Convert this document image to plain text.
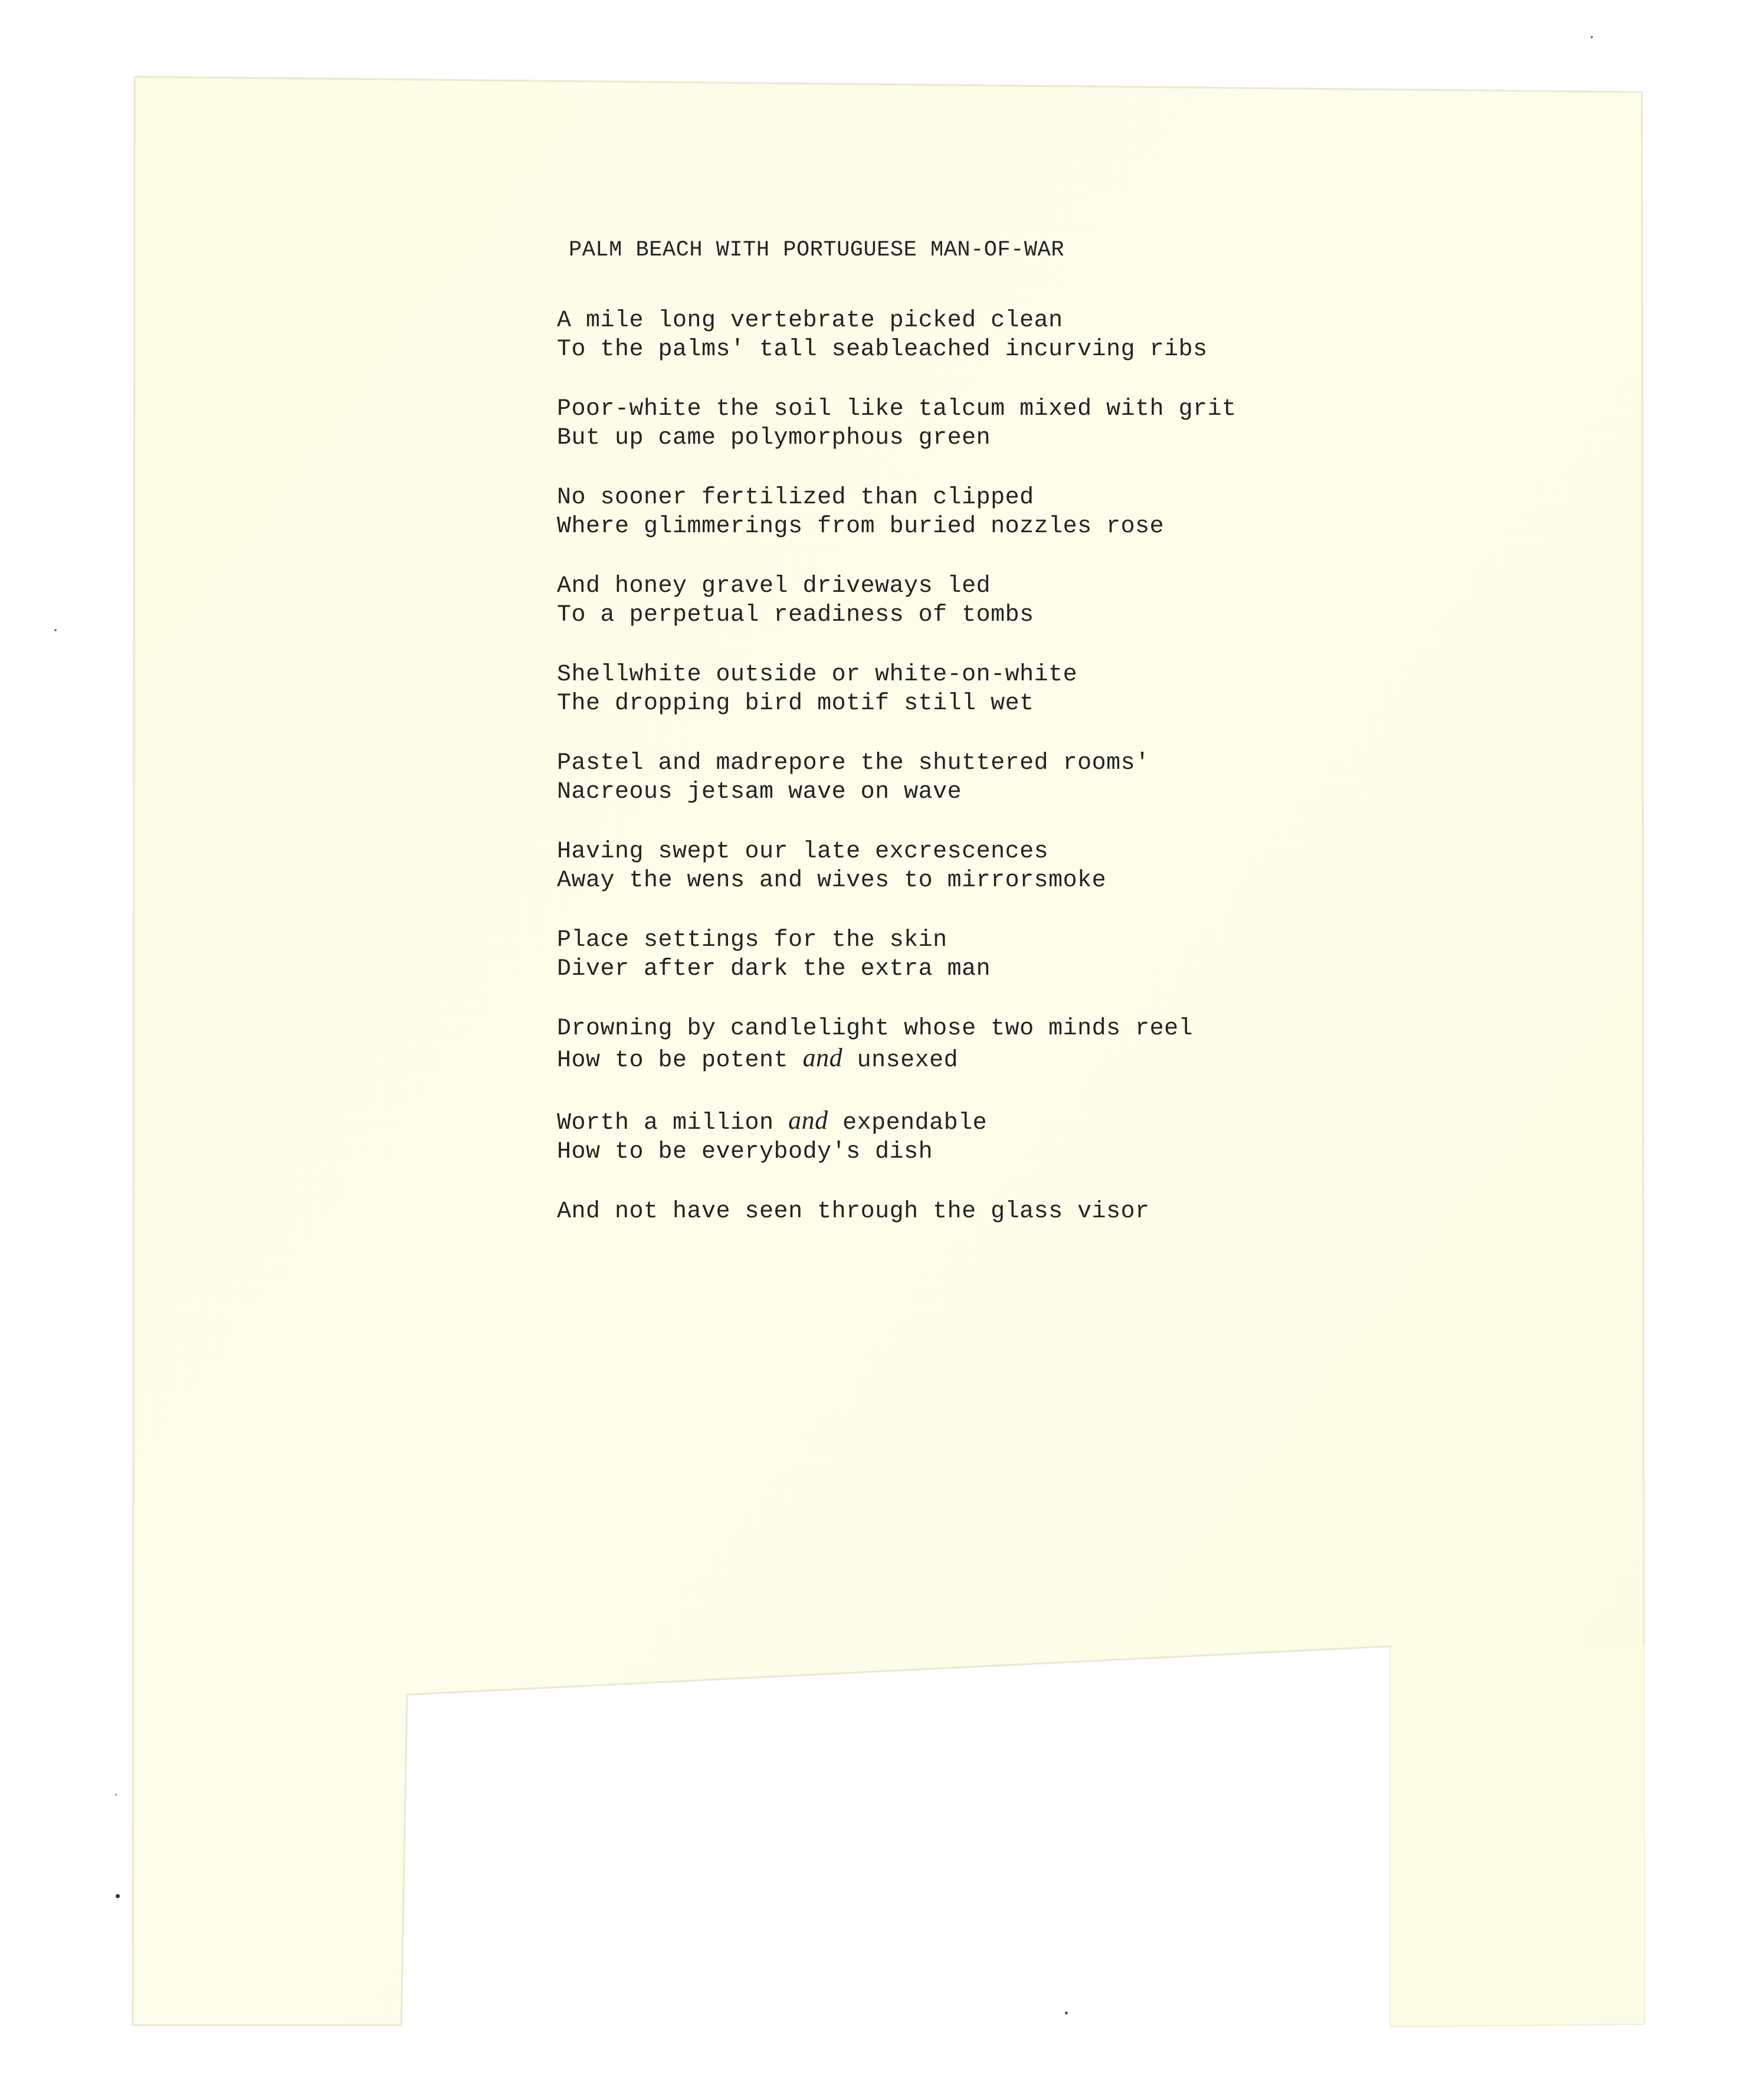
PALM BEACH WITH PORTUGUESE MAN-OF-WAR
A mile long vertebrate picked clean
To the palms' tall seableached incurving ribs
Poor-white the soil like talcum mixed with grit
But up came polymorphous green
No sooner fertilized than clipped
Where glimmerings from buried nozzles rose
And honey gravel driveways led
To a perpetual readiness of tombs
Shellwhite outside or white-on-white
The dropping bird motif still wet
Pastel and madrepore the shuttered rooms'
Nacreous jetsam wave on wave
Having swept our late excrescences
Away the wens and wives to mirrorsmoke
Place settings for the skin
Diver after dark the extra man
Drowning by candlelight whose two minds reel
How to be potent and unsexed
Worth a million and expendable
How to be everybody's dish
And not have seen through the glass visor
